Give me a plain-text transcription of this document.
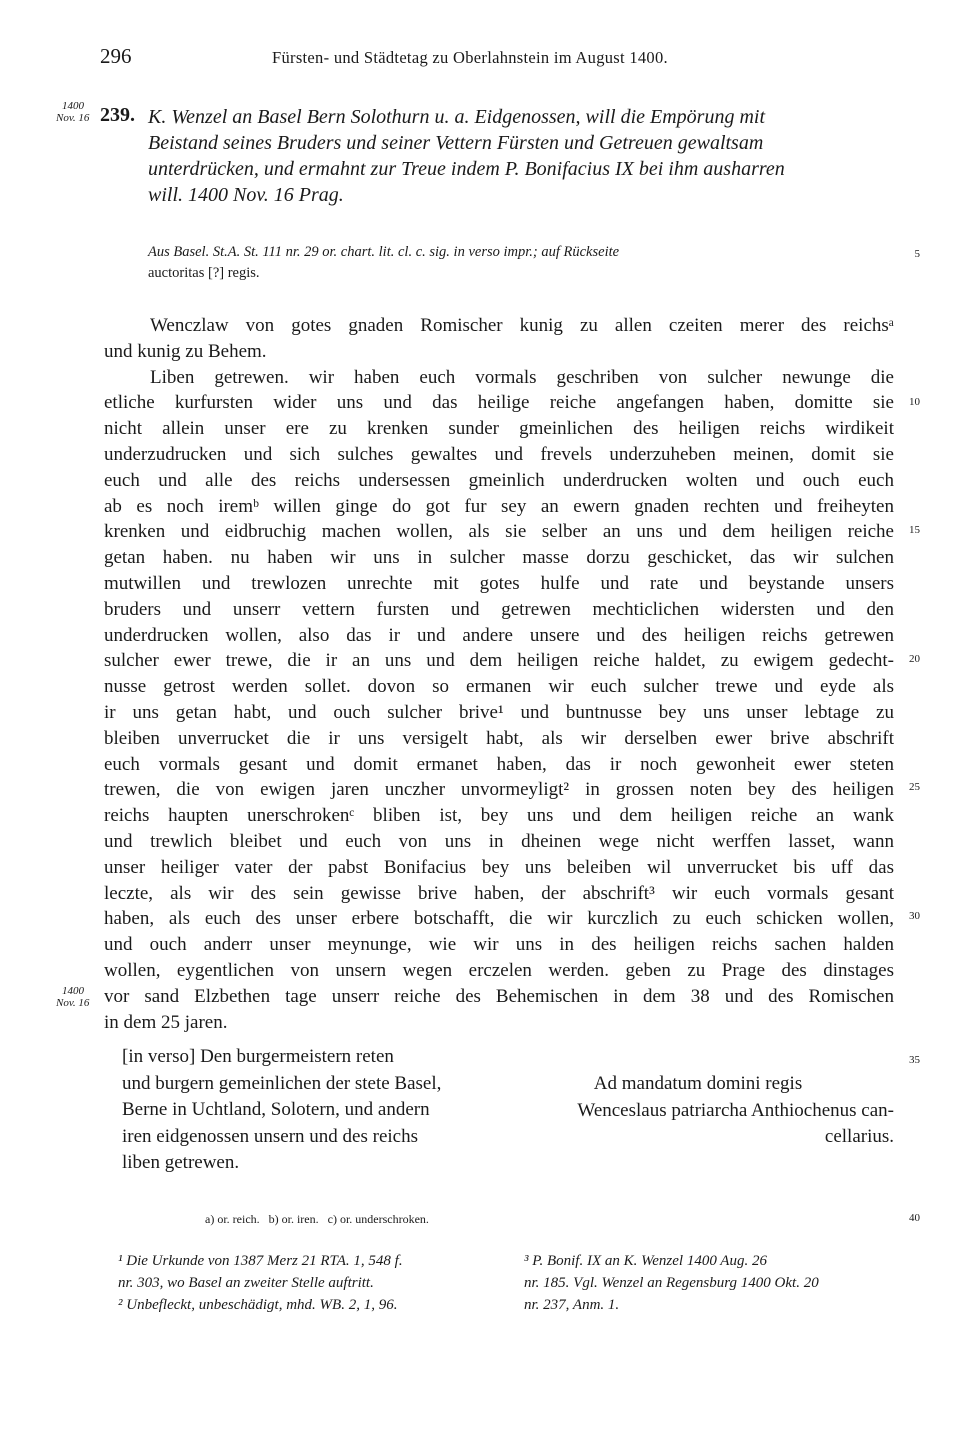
296	Fürsten- und Städtetag zu Oberlahnstein im August 1400.
1400
Nov. 16 239. K. Wenzel an Basel Bern Solothurn u. a. Eidgenossen, will die Empörung mit
Beistand seines Bruders und seiner Vettern Fürsten und Getreuen gewaltsam
unterdrücken, und ermahnt zur Treue indem P. Bonifacius IX bei ihm ausharren
will. 1400 Nov. 16 Prag.
Aus Basel. St.A. St. 111 nr. 29 or. chart. lit. cl. c. sig. in verso impr.; auf Rückseite
auctoritas [?] regis.
Wenczlaw von gotes gnaden Romischer kunig zu allen czeiten merer des reichsᵃ
und kunig zu Behem.
Liben getrewen. wir haben euch vormals geschriben von sulcher newunge die
etliche kurfursten wider uns und das heilige reiche angefangen haben, domitte sie
nicht allein unser ere zu krenken sunder gmeinlichen des heiligen reichs wirdikeit
underzudrucken und sich sulches gewaltes und frevels underzuheben meinen, domit sie
euch und alle des reichs undersessen gmeinlich underdrucken wolten und ouch euch
ab es noch iremᵇ willen ginge do got fur sey an ewern gnaden rechten und freiheyten
krenken und eidbruchig machen wollen, als sie selber an uns und dem heiligen reiche
getan haben. nu haben wir uns in sulcher masse dorzu geschicket, das wir sulchen
mutwillen und trewlozen unrechte mit gotes hulfe und rate und beystande unsers
bruders und unserr vettern fursten und getrewen mechticlichen widersten und den
underdrucken wollen, also das ir und andere unsere und des heiligen reichs getrewen
sulcher ewer trewe, die ir an uns und dem heiligen reiche haldet, zu ewigem gedecht-
nusse getrost werden sollet. dovon so ermanen wir euch sulcher trewe und eyde als
ir uns getan habt, und ouch sulcher brive¹ und buntnusse bey uns unser lebtage zu
bleiben unverrucket die ir uns versigelt habt, als wir derselben ewer brive abschrift
euch vormals gesant und domit ermanet haben, das ir noch gewonheit ewer steten
trewen, die von ewigen jaren unczher unvormeyligt² in grossen noten bey des heiligen
reichs haupten unerschrokenᶜ bliben ist, bey uns und dem heiligen reiche an wank
und trewlich bleibet und euch von uns in dheinen wege nicht werffen lasset, wann
unser heiliger vater der pabst Bonifacius bey uns beleiben wil unverrucket bis uff das
leczte, als wir des sein gewisse brive haben, der abschrift³ wir euch vormals gesant
haben, als euch des unser erbere botschafft, die wir kurczlich zu euch schicken wollen,
und ouch anderr unser meynunge, wie wir uns in des heiligen reichs sachen halden
wollen, eygentlichen von unsern wegen erczelen werden. geben zu Prage des dinstages
vor sand Elzbethen tage unserr reiche des Behemischen in dem 38 und des Romischen
in dem 25 jaren.
1400
Nov. 16
[in verso] Den burgermeistern reten
und burgern gemeinlichen der stete Basel,
Berne in Uchtland, Solotern, und andern
iren eidgenossen unsern und des reichs
liben getrewen.
Ad mandatum domini regis
Wenceslaus patriarcha Anthiochenus can-
cellarius.
5
10
15
20
25
30
35
40
a) or. reich.   b) or. iren.   c) or. underschroken.
¹ Die Urkunde von 1387 Merz 21 RTA. 1, 548 f.
nr. 303, wo Basel an zweiter Stelle auftritt.
² Unbefleckt, unbeschädigt, mhd. WB. 2, 1, 96.
³ P. Bonif. IX an K. Wenzel 1400 Aug. 26
nr. 185. Vgl. Wenzel an Regensburg 1400 Okt. 20
nr. 237, Anm. 1.
